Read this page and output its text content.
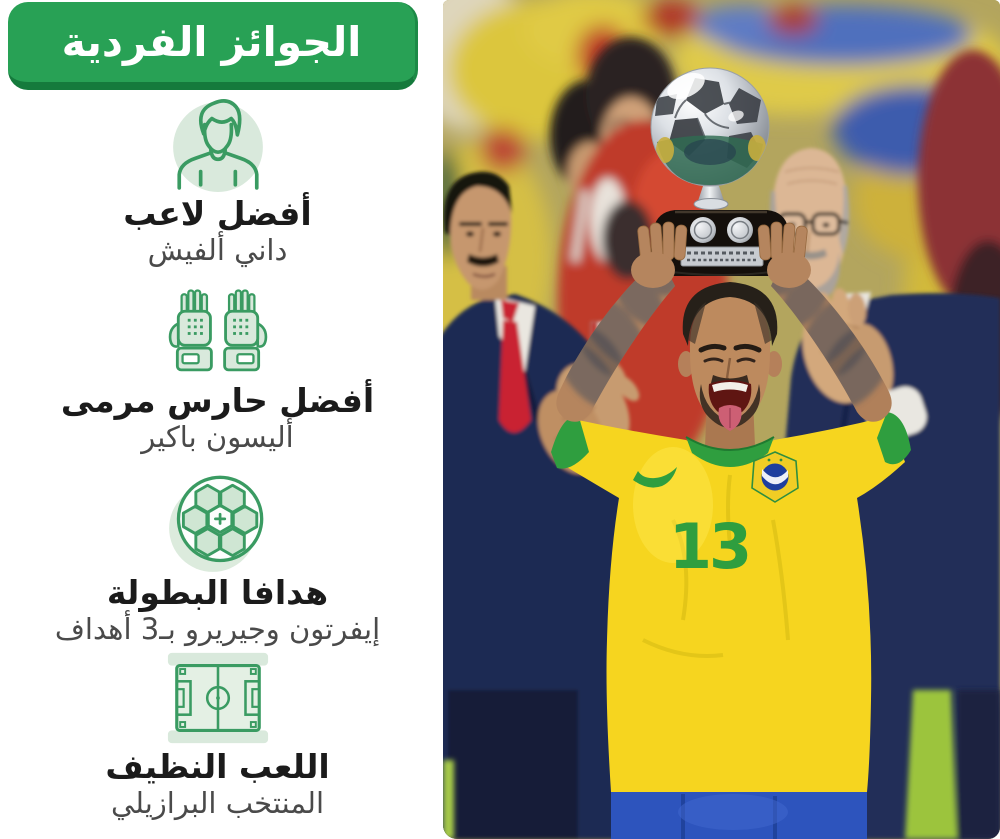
الجوائز الفردية
أفضل لاعب
داني ألفيش
أفضل حارس مرمى
أليسون باكير
هدافا البطولة
إيفرتون وجيريرو بـ3 أهداف
اللعب النظيف
المنتخب البرازيلي
13
